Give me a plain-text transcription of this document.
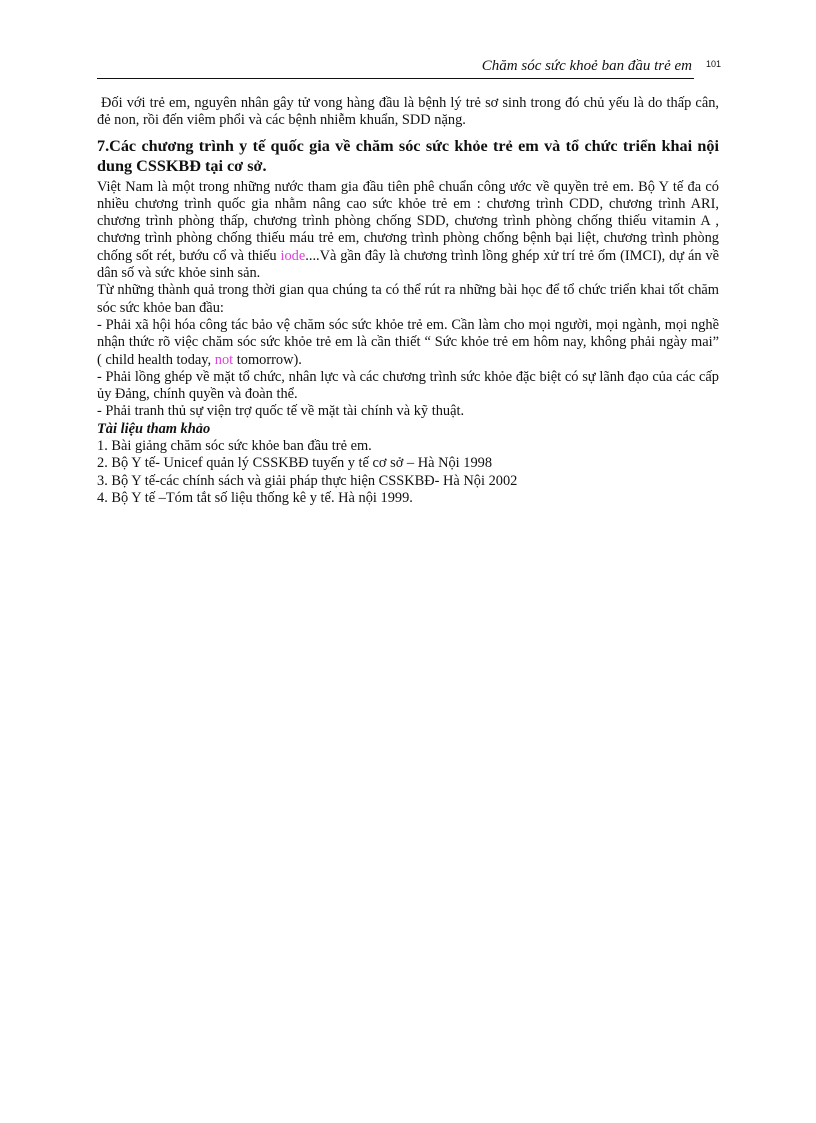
Chăm sóc sức khoẻ ban đầu trẻ em 101

Đối với trẻ em, nguyên nhân gây tử vong hàng đầu là bệnh lý trẻ sơ sinh trong đó chủ yếu là do thấp cân, đẻ non, rồi đến viêm phổi và các bệnh nhiễm khuẩn, SDD nặng.

7.Các chương trình y tế quốc gia về chăm sóc sức khỏe trẻ em và tổ chức triển khai nội dung CSSKBĐ tại cơ sở.

Việt Nam là một trong những nước tham gia đầu tiên phê chuẩn công ước về quyền trẻ em. Bộ Y tế đa có nhiều chương trình quốc gia nhằm nâng cao sức khỏe trẻ em : chương trình CDD, chương trình ARI, chương trình phòng thấp, chương trình phòng chống SDD, chương trình phòng chống thiếu vitamin A , chương trình phòng chống thiếu máu trẻ em, chương trình phòng chống bệnh bại liệt, chương trình phòng chống sốt rét, bướu cổ và thiếu iode....Và gần đây là chương trình lồng ghép xử trí trẻ ốm (IMCI), dự án về dân số và sức khỏe sinh sản.

Từ những thành quả trong thời gian qua chúng ta có thể rút ra những bài học để tổ chức triển khai tốt chăm sóc sức khỏe ban đầu:

- Phải xã hội hóa công tác bảo vệ chăm sóc sức khỏe trẻ em. Cần làm cho mọi người, mọi ngành, mọi nghề nhận thức rõ việc chăm sóc sức khỏe trẻ em là cần thiết “ Sức khỏe trẻ em hôm nay, không phải ngày mai” ( child health today, not tomorrow).

- Phải lồng ghép về mặt tổ chức, nhân lực và các chương trình sức khỏe đặc biệt có sự lãnh đạo của các cấp ủy Đảng, chính quyền và đoàn thể.

- Phải tranh thủ sự viện trợ quốc tế về mặt tài chính và kỹ thuật.

Tài liệu tham khảo

1. Bài giảng chăm sóc sức khỏe ban đầu trẻ em.

2. Bộ Y tế- Unicef quản lý CSSKBĐ tuyến y tế cơ sở – Hà Nội 1998

3. Bộ Y tế-các chính sách và giải pháp thực hiện CSSKBĐ- Hà Nội 2002

4. Bộ Y tế –Tóm tắt số liệu thống kê y tế. Hà nội 1999.
